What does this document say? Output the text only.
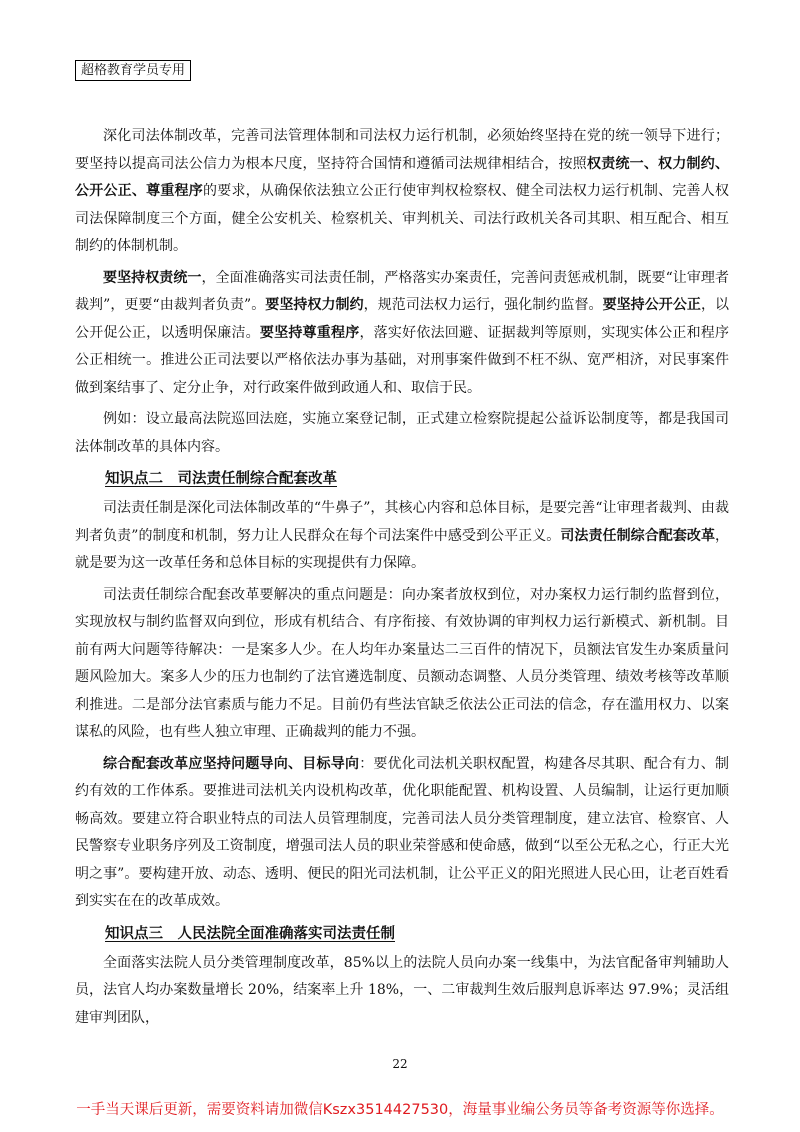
超格教育学员专用

深化司法体制改革，完善司法管理体制和司法权力运行机制，必须始终坚持在党的统一领导下进行；要坚持以提高司法公信力为根本尺度，坚持符合国情和遵循司法规律相结合，按照权责统一、权力制约、公开公正、尊重程序的要求，从确保依法独立公正行使审判权检察权、健全司法权力运行机制、完善人权司法保障制度三个方面，健全公安机关、检察机关、审判机关、司法行政机关各司其职、相互配合、相互制约的体制机制。

要坚持权责统一，全面准确落实司法责任制，严格落实办案责任，完善问责惩戒机制，既要“让审理者裁判”，更要“由裁判者负责”。要坚持权力制约，规范司法权力运行，强化制约监督。要坚持公开公正，以公开促公正，以透明保廉洁。要坚持尊重程序，落实好依法回避、证据裁判等原则，实现实体公正和程序公正相统一。推进公正司法要以严格依法办事为基础，对刑事案件做到不枉不纵、宽严相济，对民事案件做到案结事了、定分止争，对行政案件做到政通人和、取信于民。

例如：设立最高法院巡回法庭，实施立案登记制，正式建立检察院提起公益诉讼制度等，都是我国司法体制改革的具体内容。

知识点二　司法责任制综合配套改革

司法责任制是深化司法体制改革的“牛鼻子”，其核心内容和总体目标，是要完善“让审理者裁判、由裁判者负责”的制度和机制，努力让人民群众在每个司法案件中感受到公平正义。司法责任制综合配套改革，就是要为这一改革任务和总体目标的实现提供有力保障。

司法责任制综合配套改革要解决的重点问题是：向办案者放权到位，对办案权力运行制约监督到位，实现放权与制约监督双向到位，形成有机结合、有序衔接、有效协调的审判权力运行新模式、新机制。目前有两大问题等待解决：一是案多人少。在人均年办案量达二三百件的情况下，员额法官发生办案质量问题风险加大。案多人少的压力也制约了法官遴选制度、员额动态调整、人员分类管理、绩效考核等改革顺利推进。二是部分法官素质与能力不足。目前仍有些法官缺乏依法公正司法的信念，存在滥用权力、以案谋私的风险，也有些人独立审理、正确裁判的能力不强。

综合配套改革应坚持问题导向、目标导向：要优化司法机关职权配置，构建各尽其职、配合有力、制约有效的工作体系。要推进司法机关内设机构改革，优化职能配置、机构设置、人员编制，让运行更加顺畅高效。要建立符合职业特点的司法人员管理制度，完善司法人员分类管理制度，建立法官、检察官、人民警察专业职务序列及工资制度，增强司法人员的职业荣誉感和使命感，做到“以至公无私之心，行正大光明之事”。要构建开放、动态、透明、便民的阳光司法机制，让公平正义的阳光照进人民心田，让老百姓看到实实在在的改革成效。

知识点三　人民法院全面准确落实司法责任制

全面落实法院人员分类管理制度改革，85%以上的法院人员向办案一线集中，为法官配备审判辅助人员，法官人均办案数量增长 20%，结案率上升 18%，一、二审裁判生效后服判息诉率达 97.9%；灵活组建审判团队，

22
一手当天课后更新，需要资料请加微信Kszx3514427530，海量事业编公务员等备考资源等你选择。
